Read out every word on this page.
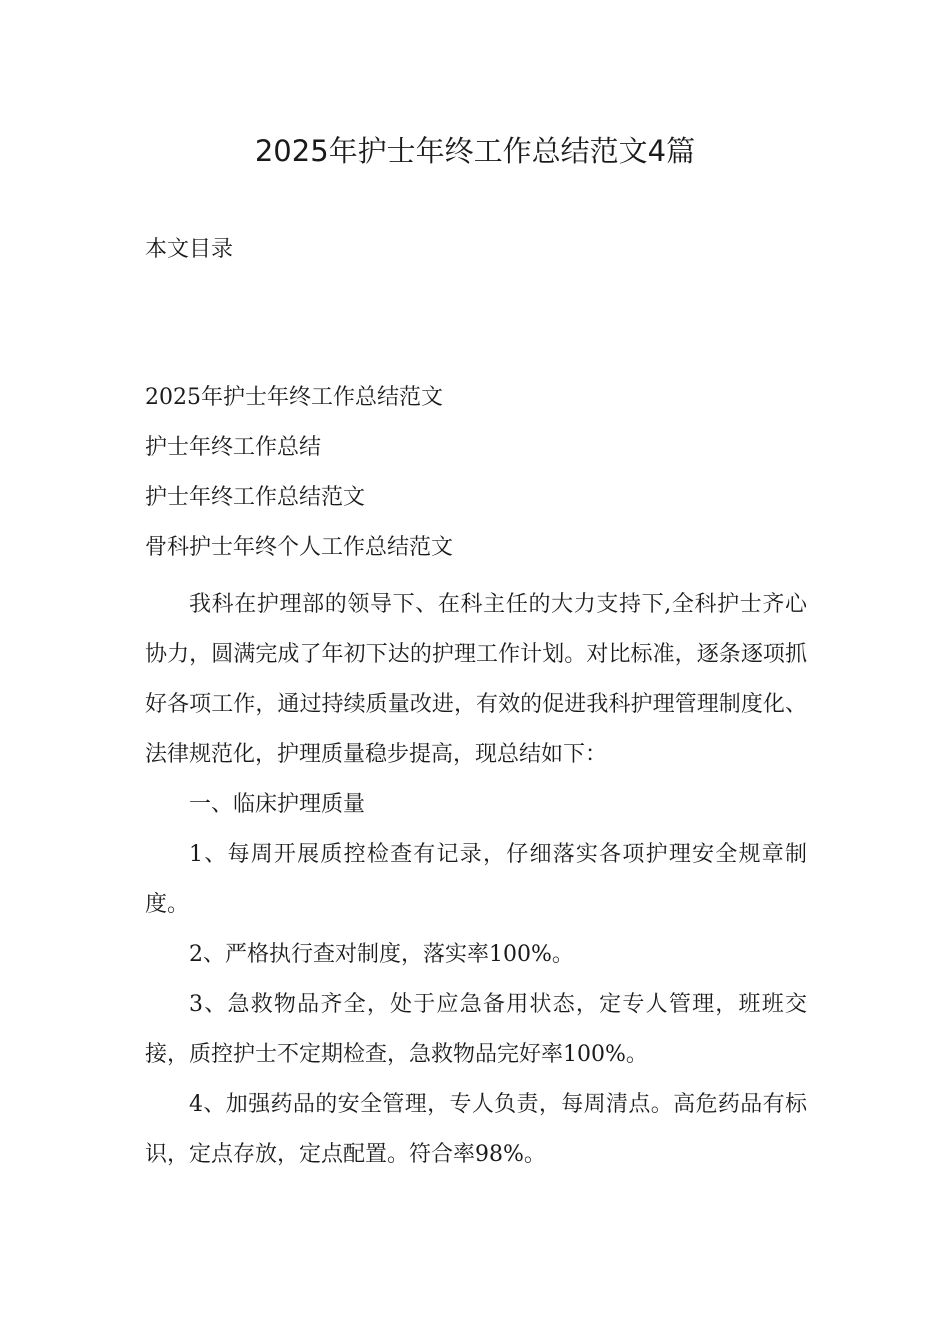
2025年护士年终工作总结范文4篇
本文目录
2025年护士年终工作总结范文
护士年终工作总结
护士年终工作总结范文
骨科护士年终个人工作总结范文

我科在护理部的领导下、在科主任的大力支持下,全科护士齐心协力，圆满完成了年初下达的护理工作计划。对比标准，逐条逐项抓好各项工作，通过持续质量改进，有效的促进我科护理管理制度化、法律规范化，护理质量稳步提高，现总结如下：

一、临床护理质量

1、每周开展质控检查有记录，仔细落实各项护理安全规章制度。

2、严格执行查对制度，落实率100%。

3、急救物品齐全，处于应急备用状态，定专人管理，班班交接，质控护士不定期检查，急救物品完好率100%。

4、加强药品的安全管理，专人负责，每周清点。高危药品有标识，定点存放，定点配置。符合率98%。
